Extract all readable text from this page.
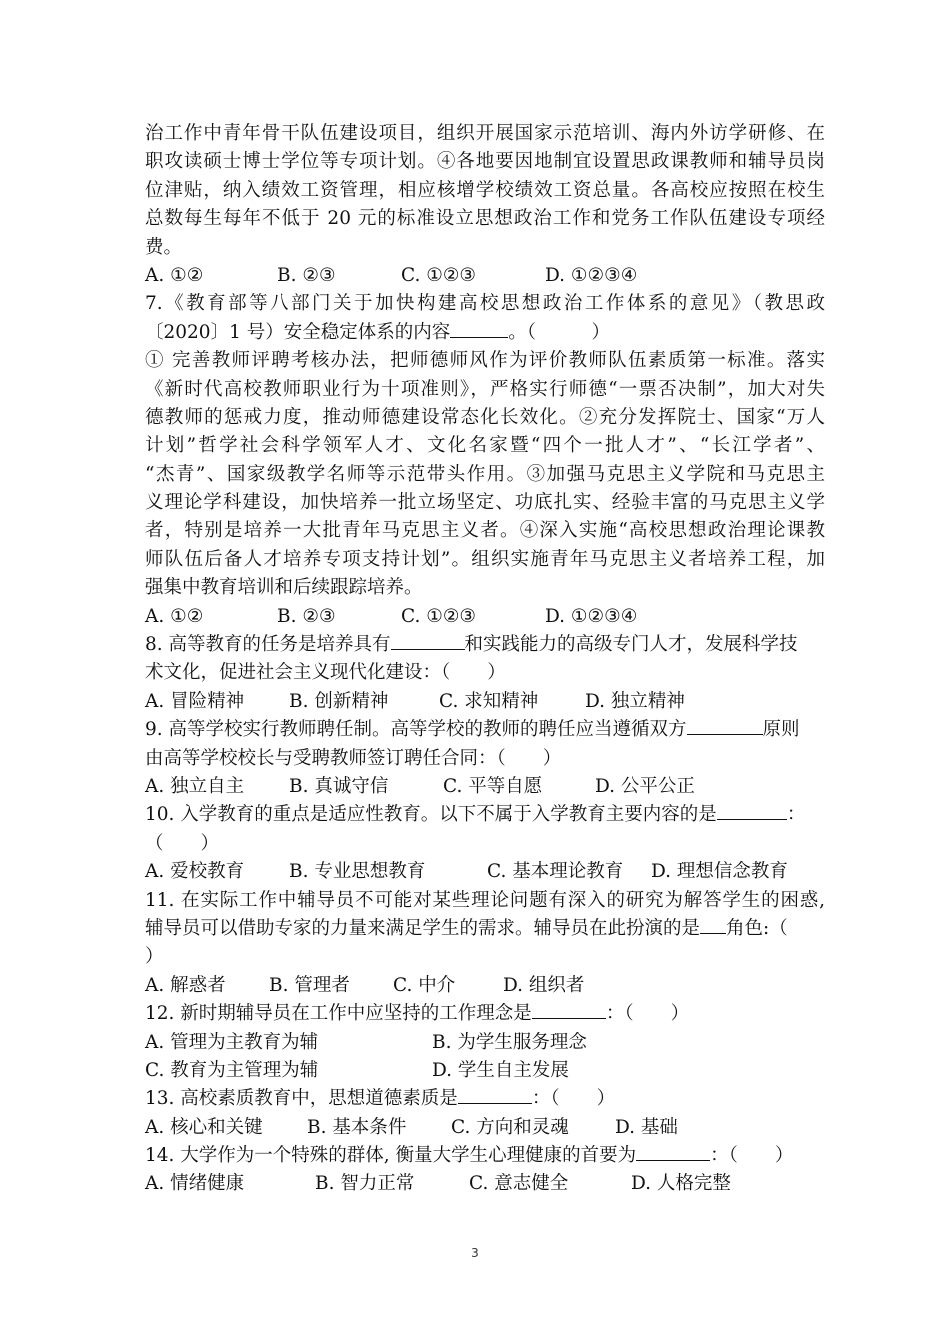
治工作中青年骨干队伍建设项目，组织开展国家示范培训、海内外访学研修、在
职攻读硕士博士学位等专项计划。④各地要因地制宜设置思政课教师和辅导员岗
位津贴，纳入绩效工资管理，相应核增学校绩效工资总量。各高校应按照在校生
总数每生每年不低于 20 元的标准设立思想政治工作和党务工作队伍建设专项经
费。
A. ①②	B. ②③	C. ①②③	D. ①②③④
7.《教育部等八部门关于加快构建高校思想政治工作体系的意见》（教思政
〔2020〕1 号）安全稳定体系的内容	。（　　　）
① 完善教师评聘考核办法，把师德师风作为评价教师队伍素质第一标准。落实
《新时代高校教师职业行为十项准则》，严格实行师德“一票否决制”，加大对失
德教师的惩戒力度，推动师德建设常态化长效化。②充分发挥院士、国家“万人
计划”哲学社会科学领军人才、文化名家暨“四个一批人才”、“长江学者”、
“杰青”、国家级教学名师等示范带头作用。③加强马克思主义学院和马克思主
义理论学科建设，加快培养一批立场坚定、功底扎实、经验丰富的马克思主义学
者，特别是培养一大批青年马克思主义者。④深入实施“高校思想政治理论课教
师队伍后备人才培养专项支持计划”。组织实施青年马克思主义者培养工程，加
强集中教育培训和后续跟踪培养。
A. ①②	B. ②③	C. ①②③	D. ①②③④
8. 高等教育的任务是培养具有	和实践能力的高级专门人才，发展科学技
术文化，促进社会主义现代化建设：（　　）
A. 冒险精神	B. 创新精神	C. 求知精神	D. 独立精神
9. 高等学校实行教师聘任制。高等学校的教师的聘任应当遵循双方	原则
由高等学校校长与受聘教师签订聘任合同：（　　）
A. 独立自主	B. 真诚守信	C. 平等自愿	D. 公平公正
10. 入学教育的重点是适应性教育。以下不属于入学教育主要内容的是	：
（　　）
A. 爱校教育	B. 专业思想教育	C. 基本理论教育	D. 理想信念教育
11. 在实际工作中辅导员不可能对某些理论问题有深入的研究为解答学生的困惑,
辅导员可以借助专家的力量来满足学生的需求。辅导员在此扮演的是 角色:（
）
A. 解惑者	B. 管理者	C. 中介	D. 组织者
12. 新时期辅导员在工作中应坚持的工作理念是	：（　　）
A. 管理为主教育为辅	B. 为学生服务理念
C. 教育为主管理为辅	D. 学生自主发展
13. 高校素质教育中，思想道德素质是	：（　　）
A. 核心和关键	B. 基本条件	C. 方向和灵魂	D. 基础
14. 大学作为一个特殊的群体, 衡量大学生心理健康的首要为	：（　　）
A. 情绪健康	B. 智力正常	C. 意志健全	D. 人格完整
3
